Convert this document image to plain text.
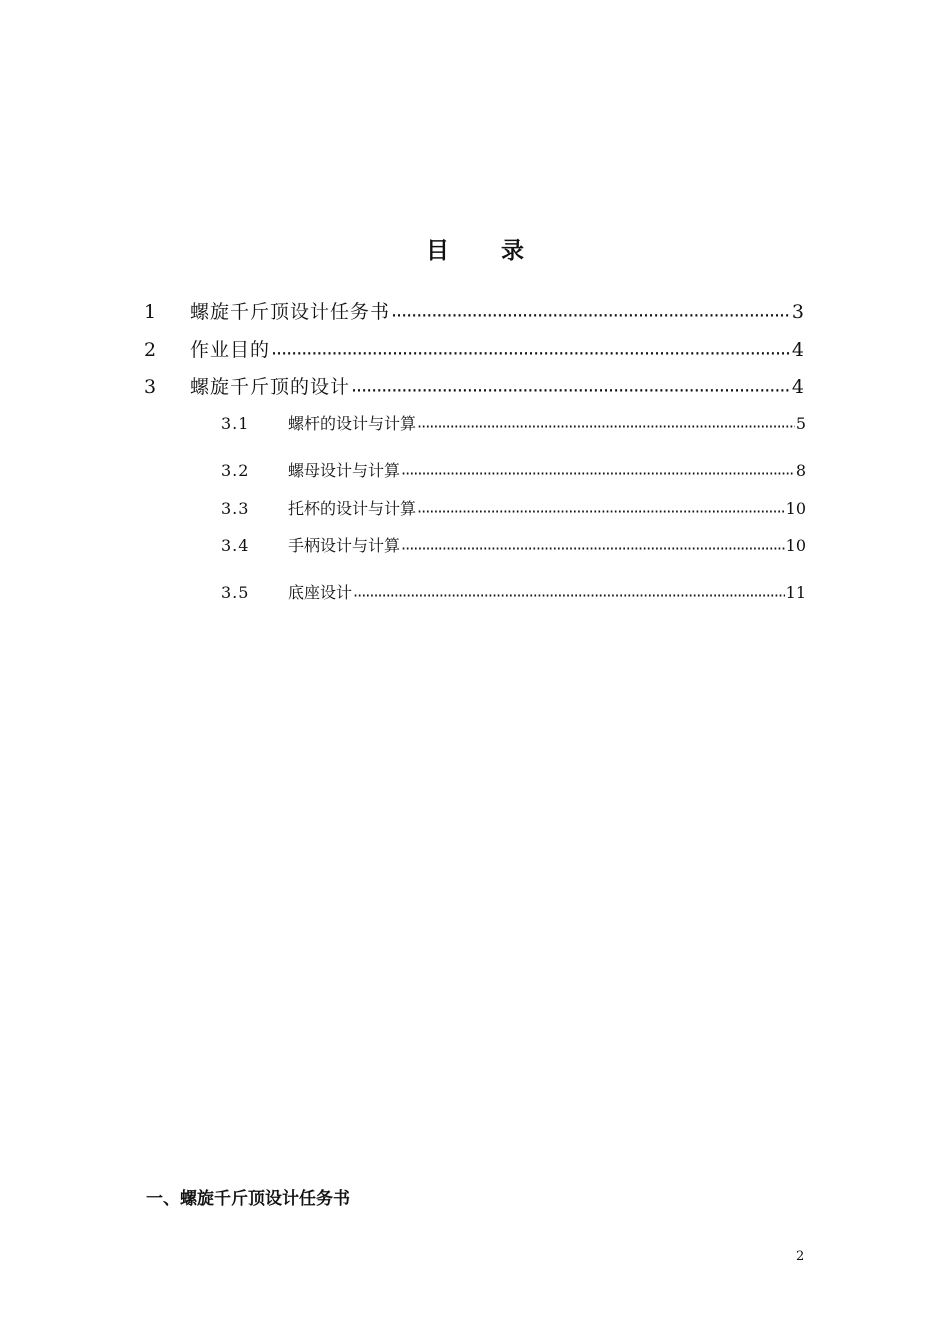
目 录
1	螺旋千斤顶设计任务书 ·····	3
2	作业目的 ·····	4
3	螺旋千斤顶的设计 ·····	4
3.1	螺杆的设计与计算 ·····	5
3.2	螺母设计与计算 ·····	8
3.3	托杯的设计与计算 ·····	10
3.4	手柄设计与计算 ·····	10
3.5	底座设计 ·····	11
一、螺旋千斤顶设计任务书
2
